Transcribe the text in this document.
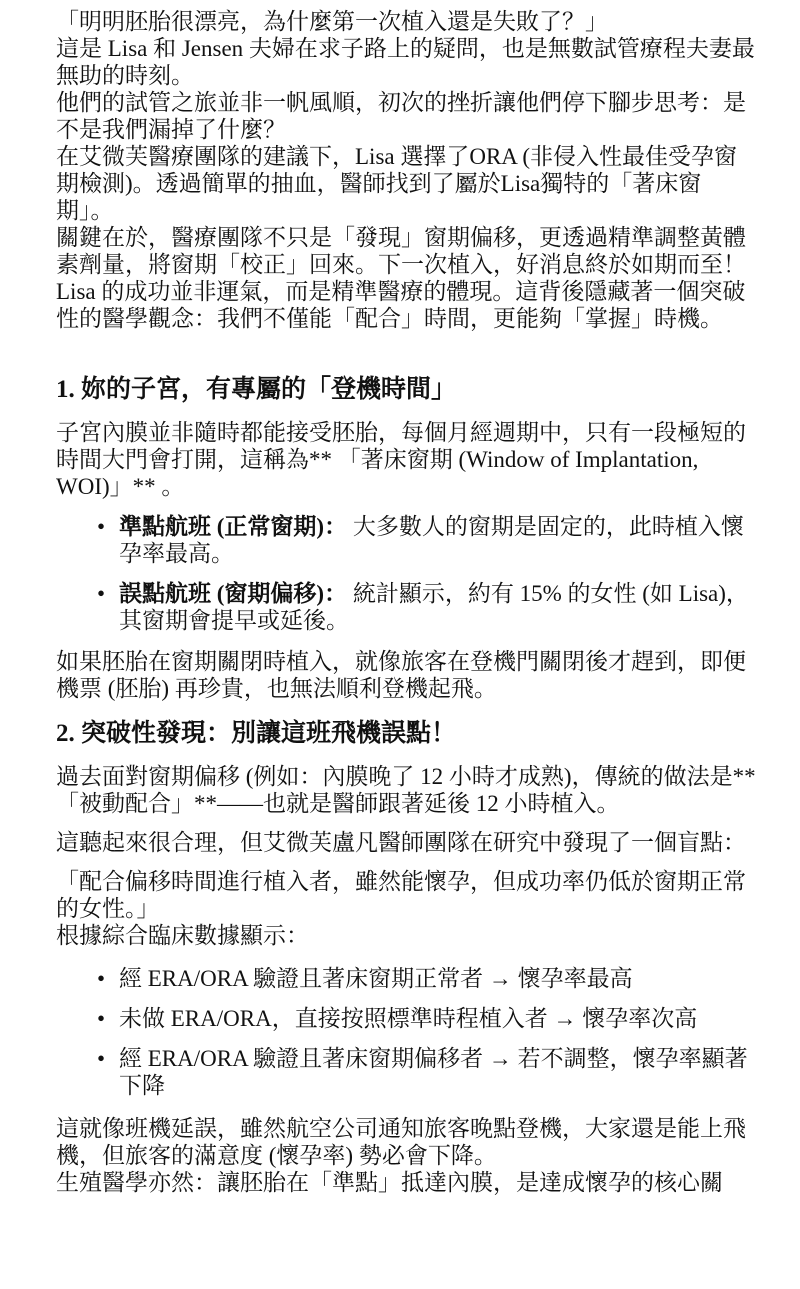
「明明胚胎很漂亮，為什麼第一次植入還是失敗了？」

這是 Lisa 和 Jensen 夫婦在求子路上的疑問，也是無數試管療程夫妻最無助的時刻。

他們的試管之旅並非一帆風順，初次的挫折讓他們停下腳步思考：是不是我們漏掉了什麼？

在艾微芙醫療團隊的建議下，Lisa 選擇了ORA (非侵入性最佳受孕窗期檢測)。透過簡單的抽血，醫師找到了屬於Lisa獨特的「著床窗期」。

關鍵在於，醫療團隊不只是「發現」窗期偏移，更透過精準調整黃體素劑量，將窗期「校正」回來。下一次植入，好消息終於如期而至！

Lisa 的成功並非運氣，而是精準醫療的體現。這背後隱藏著一個突破性的醫學觀念：我們不僅能「配合」時間，更能夠「掌握」時機。

1. 妳的子宮，有專屬的「登機時間」

子宮內膜並非隨時都能接受胚胎，每個月經週期中，只有一段極短的時間大門會打開，這稱為** 「著床窗期 (Window of Implantation, WOI)」** 。

• 準點航班 (正常窗期)： 大多數人的窗期是固定的，此時植入懷孕率最高。
• 誤點航班 (窗期偏移)： 統計顯示，約有 15% 的女性 (如 Lisa)，其窗期會提早或延後。

如果胚胎在窗期關閉時植入，就像旅客在登機門關閉後才趕到，即便機票 (胚胎) 再珍貴，也無法順利登機起飛。

2. 突破性發現：別讓這班飛機誤點！

過去面對窗期偏移 (例如：內膜晚了 12 小時才成熟)，傳統的做法是** 「被動配合」**——也就是醫師跟著延後 12 小時植入。

這聽起來很合理，但艾微芙盧凡醫師團隊在研究中發現了一個盲點：

「配合偏移時間進行植入者，雖然能懷孕，但成功率仍低於窗期正常的女性。」

根據綜合臨床數據顯示：

• 經 ERA/ORA 驗證且著床窗期正常者 → 懷孕率最高
• 未做 ERA/ORA，直接按照標準時程植入者 → 懷孕率次高
• 經 ERA/ORA 驗證且著床窗期偏移者 → 若不調整，懷孕率顯著下降

這就像班機延誤，雖然航空公司通知旅客晚點登機，大家還是能上飛機，但旅客的滿意度 (懷孕率) 勢必會下降。

生殖醫學亦然：讓胚胎在「準點」抵達內膜，是達成懷孕的核心關
